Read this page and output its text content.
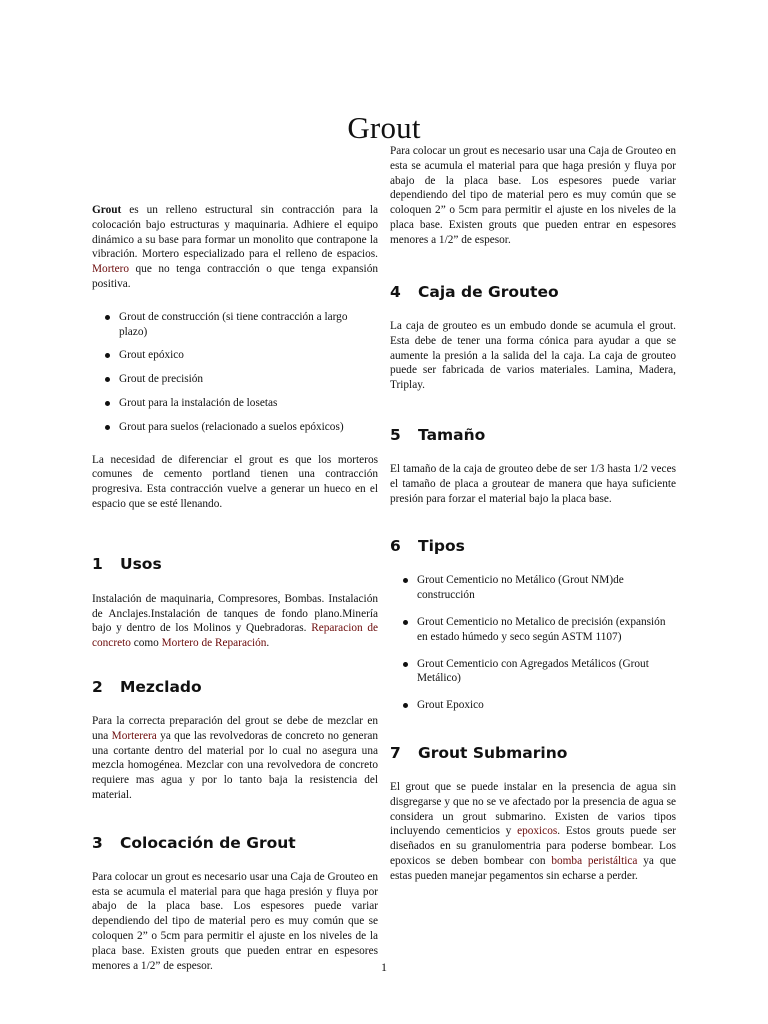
Grout

Grout es un relleno estructural sin contracción para la colocación bajo estructuras y maquinaria. Adhiere el equipo dinámico a su base para formar un monolito que contrapone la vibración. Mortero especializado para el relleno de espacios. Mortero que no tenga contracción o que tenga expansión positiva.

Grout de construcción (si tiene contracción a largo plazo)
Grout epóxico
Grout de precisión
Grout para la instalación de losetas
Grout para suelos (relacionado a suelos epóxicos)

La necesidad de diferenciar el grout es que los morteros comunes de cemento portland tienen una contracción progresiva. Esta contracción vuelve a generar un hueco en el espacio que se esté llenando.

1 Usos

Instalación de maquinaria, Compresores, Bombas. Instalación de Anclajes.Instalación de tanques de fondo plano.Minería bajo y dentro de los Molinos y Quebradoras. Reparacion de concreto como Mortero de Reparación.

2 Mezclado

Para la correcta preparación del grout se debe de mezclar en una Morterera ya que las revolvedoras de concreto no generan una cortante dentro del material por lo cual no asegura una mezcla homogénea. Mezclar con una revolvedora de concreto requiere mas agua y por lo tanto baja la resistencia del material.

3 Colocación de Grout

Para colocar un grout es necesario usar una Caja de Grouteo en esta se acumula el material para que haga presión y fluya por abajo de la placa base. Los espesores puede variar dependiendo del tipo de material pero es muy común que se coloquen 2” o 5cm para permitir el ajuste en los niveles de la placa base. Existen grouts que pueden entrar en espesores menores a 1/2” de espesor.

Para colocar un grout es necesario usar una Caja de Grouteo en esta se acumula el material para que haga presión y fluya por abajo de la placa base. Los espesores puede variar dependiendo del tipo de material pero es muy común que se coloquen 2” o 5cm para permitir el ajuste en los niveles de la placa base. Existen grouts que pueden entrar en espesores menores a 1/2” de espesor.

4 Caja de Grouteo

La caja de grouteo es un embudo donde se acumula el grout. Esta debe de tener una forma cónica para ayudar a que se aumente la presión a la salida del la caja. La caja de grouteo puede ser fabricada de varios materiales. Lamina, Madera, Triplay.

5 Tamaño

El tamaño de la caja de grouteo debe de ser 1/3 hasta 1/2 veces el tamaño de placa a groutear de manera que haya suficiente presión para forzar el material bajo la placa base.

6 Tipos
Grout Cementicio no Metálico (Grout NM)de construcción
Grout Cementicio no Metalico de precisión (expansión en estado húmedo y seco según ASTM 1107)
Grout Cementicio con Agregados Metálicos (Grout Metálico)
Grout Epoxico
7 Grout Submarino

El grout que se puede instalar en la presencia de agua sin disgregarse y que no se ve afectado por la presencia de agua se considera un grout submarino. Existen de varios tipos incluyendo cementicios y epoxicos. Estos grouts puede ser diseñados en su granulomentria para poderse bombear. Los epoxicos se deben bombear con bomba peristáltica ya que estas pueden manejar pegamentos sin echarse a perder.

1
